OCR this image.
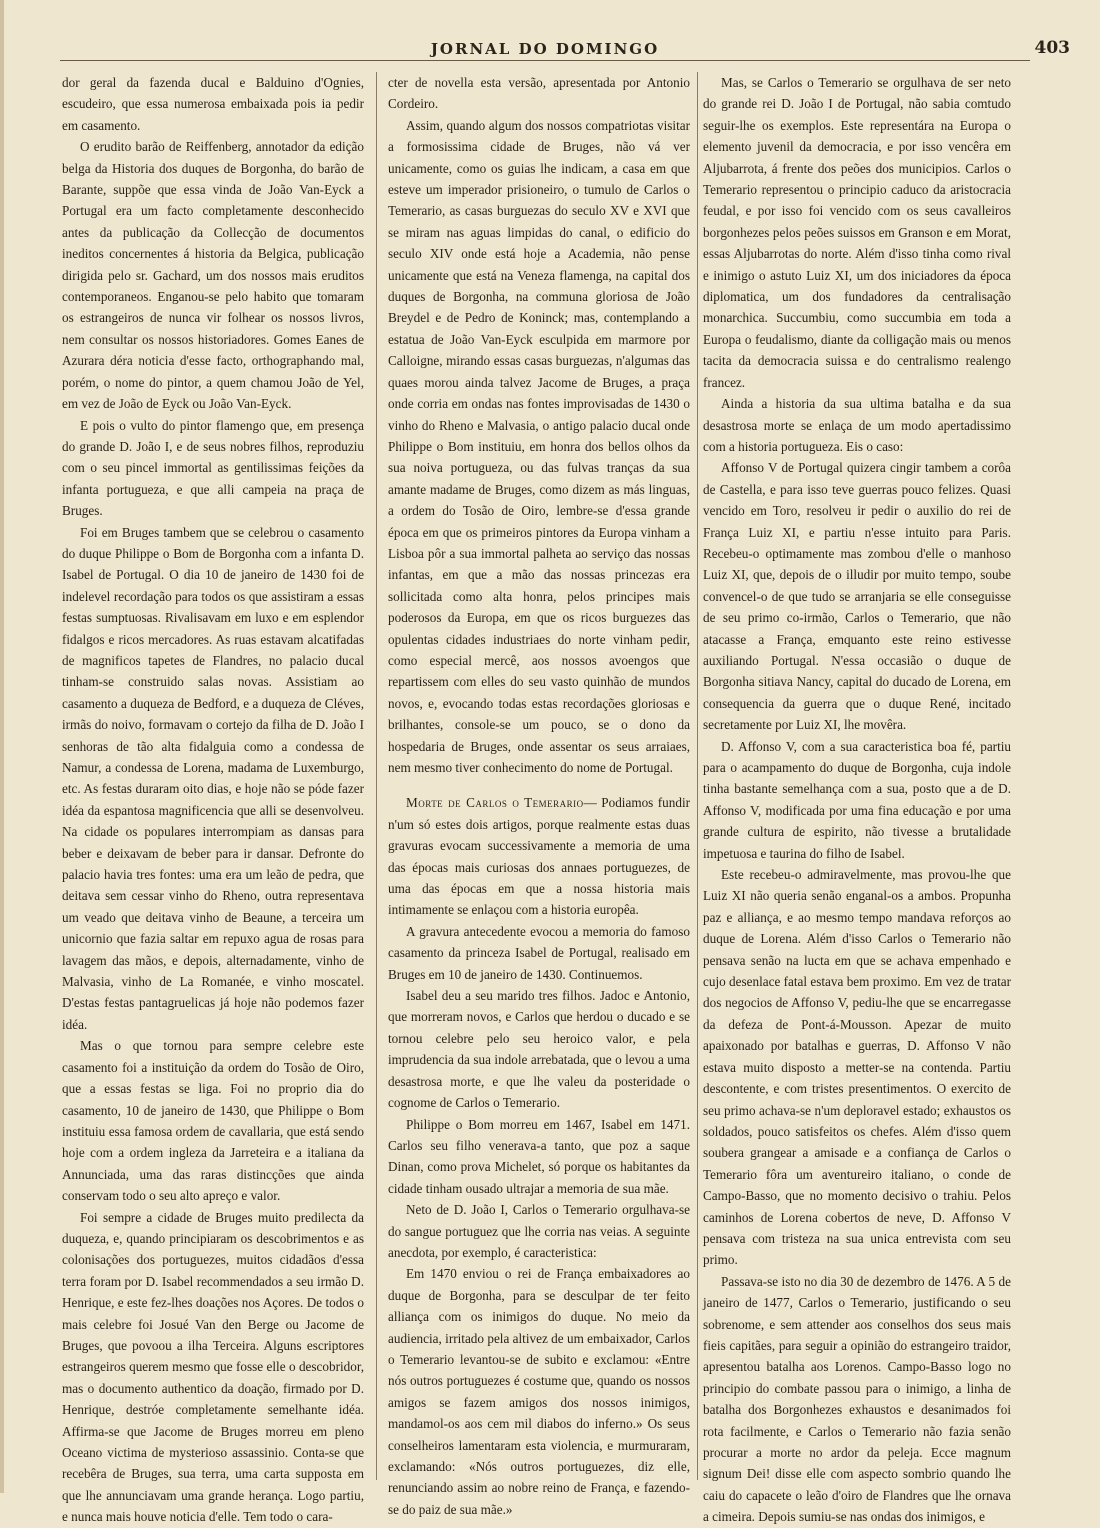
JORNAL DO DOMINGO	403

dor geral da fazenda ducal e Balduino d'Ognies, escudeiro, que essa numerosa embaixada pois ia pedir em casamento.

O erudito barão de Reiffenberg, annotador da edição belga da Historia dos duques de Borgonha, do barão de Barante, suppõe que essa vinda de João Van-Eyck a Portugal era um facto completamente desconhecido antes da publicação da Collecção de documentos ineditos concernentes á historia da Belgica, publicação dirigida pelo sr. Gachard, um dos nossos mais eruditos contemporaneos. Enganou-se pelo habito que tomaram os estrangeiros de nunca vir folhear os nossos livros, nem consultar os nossos historiadores. Gomes Eanes de Azurara déra noticia d'esse facto, orthographando mal, porém, o nome do pintor, a quem chamou João de Yel, em vez de João de Eyck ou João Van-Eyck.

E pois o vulto do pintor flamengo que, em presença do grande D. João I, e de seus nobres filhos, reproduziu com o seu pincel immortal as gentilissimas feições da infanta portugueza, e que alli campeia na praça de Bruges.

Foi em Bruges tambem que se celebrou o casamento do duque Philippe o Bom de Borgonha com a infanta D. Isabel de Portugal. O dia 10 de janeiro de 1430 foi de indelevel recordação para todos os que assistiram a essas festas sumptuosas. Rivalisavam em luxo e em esplendor fidalgos e ricos mercadores. As ruas estavam alcatifadas de magnificos tapetes de Flandres, no palacio ducal tinham-se construido salas novas. Assistiam ao casamento a duqueza de Bedford, e a duqueza de Cléves, irmãs do noivo, formavam o cortejo da filha de D. João I senhoras de tão alta fidalguia como a condessa de Namur, a condessa de Lorena, madama de Luxemburgo, etc. As festas duraram oito dias, e hoje não se póde fazer idéa da espantosa magnificencia que alli se desenvolveu. Na cidade os populares interrompiam as dansas para beber e deixavam de beber para ir dansar. Defronte do palacio havia tres fontes: uma era um leão de pedra, que deitava sem cessar vinho do Rheno, outra representava um veado que deitava vinho de Beaune, a terceira um unicornio que fazia saltar em repuxo agua de rosas para lavagem das mãos, e depois, alternadamente, vinho de Malvasia, vinho de La Romanée, e vinho moscatel. D'estas festas pantagruelicas já hoje não podemos fazer idéa.

Mas o que tornou para sempre celebre este casamento foi a instituição da ordem do Tosão de Oiro, que a essas festas se liga. Foi no proprio dia do casamento, 10 de janeiro de 1430, que Philippe o Bom instituiu essa famosa ordem de cavallaria, que está sendo hoje com a ordem ingleza da Jarreteira e a italiana da Annunciada, uma das raras distincções que ainda conservam todo o seu alto apreço e valor.

Foi sempre a cidade de Bruges muito predilecta da duqueza, e, quando principiaram os descobrimentos e as colonisações dos portuguezes, muitos cidadãos d'essa terra foram por D. Isabel recommendados a seu irmão D. Henrique, e este fez-lhes doações nos Açores. De todos o mais celebre foi Josué Van den Berge ou Jacome de Bruges, que povoou a ilha Terceira. Alguns escriptores estrangeiros querem mesmo que fosse elle o descobridor, mas o documento authentico da doação, firmado por D. Henrique, destróe completamente semelhante idéa. Affirma-se que Jacome de Bruges morreu em pleno Oceano victima de mysterioso assassinio. Conta-se que recebêra de Bruges, sua terra, uma carta supposta em que lhe annunciavam uma grande herança. Logo partiu, e nunca mais houve noticia d'elle. Tem todo o cara-

cter de novella esta versão, apresentada por Antonio Cordeiro.

Assim, quando algum dos nossos compatriotas visitar a formosissima cidade de Bruges, não vá ver unicamente, como os guias lhe indicam, a casa em que esteve um imperador prisioneiro, o tumulo de Carlos o Temerario, as casas burguezas do seculo XV e XVI que se miram nas aguas limpidas do canal, o edificio do seculo XIV onde está hoje a Academia, não pense unicamente que está na Veneza flamenga, na capital dos duques de Borgonha, na communa gloriosa de João Breydel e de Pedro de Koninck; mas, contemplando a estatua de João Van-Eyck esculpida em marmore por Calloigne, mirando essas casas burguezas, n'algumas das quaes morou ainda talvez Jacome de Bruges, a praça onde corria em ondas nas fontes improvisadas de 1430 o vinho do Rheno e Malvasia, o antigo palacio ducal onde Philippe o Bom instituiu, em honra dos bellos olhos da sua noiva portugueza, ou das fulvas tranças da sua amante madame de Bruges, como dizem as más linguas, a ordem do Tosão de Oiro, lembre-se d'essa grande época em que os primeiros pintores da Europa vinham a Lisboa pôr a sua immortal palheta ao serviço das nossas infantas, em que a mão das nossas princezas era sollicitada como alta honra, pelos principes mais poderosos da Europa, em que os ricos burguezes das opulentas cidades industriaes do norte vinham pedir, como especial mercê, aos nossos avoengos que repartissem com elles do seu vasto quinhão de mundos novos, e, evocando todas estas recordações gloriosas e brilhantes, console-se um pouco, se o dono da hospedaria de Bruges, onde assentar os seus arraiaes, nem mesmo tiver conhecimento do nome de Portugal.

Morte de Carlos o Temerario— Podiamos fundir n'um só estes dois artigos, porque realmente estas duas gravuras evocam successivamente a memoria de uma das épocas mais curiosas dos annaes portuguezes, de uma das épocas em que a nossa historia mais intimamente se enlaçou com a historia europêa.

A gravura antecedente evocou a memoria do famoso casamento da princeza Isabel de Portugal, realisado em Bruges em 10 de janeiro de 1430. Continuemos.

Isabel deu a seu marido tres filhos. Jadoc e Antonio, que morreram novos, e Carlos que herdou o ducado e se tornou celebre pelo seu heroico valor, e pela imprudencia da sua indole arrebatada, que o levou a uma desastrosa morte, e que lhe valeu da posteridade o cognome de Carlos o Temerario.

Philippe o Bom morreu em 1467, Isabel em 1471. Carlos seu filho venerava-a tanto, que poz a saque Dinan, como prova Michelet, só porque os habitantes da cidade tinham ousado ultrajar a memoria de sua mãe.

Neto de D. João I, Carlos o Temerario orgulhava-se do sangue portuguez que lhe corria nas veias. A seguinte anecdota, por exemplo, é caracteristica:

Em 1470 enviou o rei de França embaixadores ao duque de Borgonha, para se desculpar de ter feito alliança com os inimigos do duque. No meio da audiencia, irritado pela altivez de um embaixador, Carlos o Temerario levantou-se de subito e exclamou: «Entre nós outros portuguezes é costume que, quando os nossos amigos se fazem amigos dos nossos inimigos, mandamol-os aos cem mil diabos do inferno.» Os seus conselheiros lamentaram esta violencia, e murmuraram, exclamando: «Nós outros portuguezes, diz elle, renunciando assim ao nobre reino de França, e fazendo-se do paiz de sua mãe.»

Mas, se Carlos o Temerario se orgulhava de ser neto do grande rei D. João I de Portugal, não sabia comtudo seguir-lhe os exemplos. Este representára na Europa o elemento juvenil da democracia, e por isso vencêra em Aljubarrota, á frente dos peões dos municipios. Carlos o Temerario representou o principio caduco da aristocracia feudal, e por isso foi vencido com os seus cavalleiros borgonhezes pelos peões suissos em Granson e em Morat, essas Aljubarrotas do norte. Além d'isso tinha como rival e inimigo o astuto Luiz XI, um dos iniciadores da época diplomatica, um dos fundadores da centralisação monarchica. Succumbiu, como succumbia em toda a Europa o feudalismo, diante da colligação mais ou menos tacita da democracia suissa e do centralismo realengo francez.

Ainda a historia da sua ultima batalha e da sua desastrosa morte se enlaça de um modo apertadissimo com a historia portugueza. Eis o caso:

Affonso V de Portugal quizera cingir tambem a corôa de Castella, e para isso teve guerras pouco felizes. Quasi vencido em Toro, resolveu ir pedir o auxilio do rei de França Luiz XI, e partiu n'esse intuito para Paris. Recebeu-o optimamente mas zombou d'elle o manhoso Luiz XI, que, depois de o illudir por muito tempo, soube convencel-o de que tudo se arranjaria se elle conseguisse de seu primo co-irmão, Carlos o Temerario, que não atacasse a França, emquanto este reino estivesse auxiliando Portugal. N'essa occasião o duque de Borgonha sitiava Nancy, capital do ducado de Lorena, em consequencia da guerra que o duque René, incitado secretamente por Luiz XI, lhe movêra.

D. Affonso V, com a sua caracteristica boa fé, partiu para o acampamento do duque de Borgonha, cuja indole tinha bastante semelhança com a sua, posto que a de D. Affonso V, modificada por uma fina educação e por uma grande cultura de espirito, não tivesse a brutalidade impetuosa e taurina do filho de Isabel.

Este recebeu-o admiravelmente, mas provou-lhe que Luiz XI não queria senão enganal-os a ambos. Propunha paz e alliança, e ao mesmo tempo mandava reforços ao duque de Lorena. Além d'isso Carlos o Temerario não pensava senão na lucta em que se achava empenhado e cujo desenlace fatal estava bem proximo. Em vez de tratar dos negocios de Affonso V, pediu-lhe que se encarregasse da defeza de Pont-á-Mousson. Apezar de muito apaixonado por batalhas e guerras, D. Affonso V não estava muito disposto a metter-se na contenda. Partiu descontente, e com tristes presentimentos. O exercito de seu primo achava-se n'um deploravel estado; exhaustos os soldados, pouco satisfeitos os chefes. Além d'isso quem soubera grangear a amisade e a confiança de Carlos o Temerario fôra um aventureiro italiano, o conde de Campo-Basso, que no momento decisivo o trahiu. Pelos caminhos de Lorena cobertos de neve, D. Affonso V pensava com tristeza na sua unica entrevista com seu primo.

Passava-se isto no dia 30 de dezembro de 1476. A 5 de janeiro de 1477, Carlos o Temerario, justificando o seu sobrenome, e sem attender aos conselhos dos seus mais fieis capitães, para seguir a opinião do estrangeiro traidor, apresentou batalha aos Lorenos. Campo-Basso logo no principio do combate passou para o inimigo, a linha de batalha dos Borgonhezes exhaustos e desanimados foi rota facilmente, e Carlos o Temerario não fazia senão procurar a morte no ardor da peleja. Ecce magnum signum Dei! disse elle com aspecto sombrio quando lhe caiu do capacete o leão d'oiro de Flandres que lhe ornava a cimeira. Depois sumiu-se nas ondas dos inimigos, e
